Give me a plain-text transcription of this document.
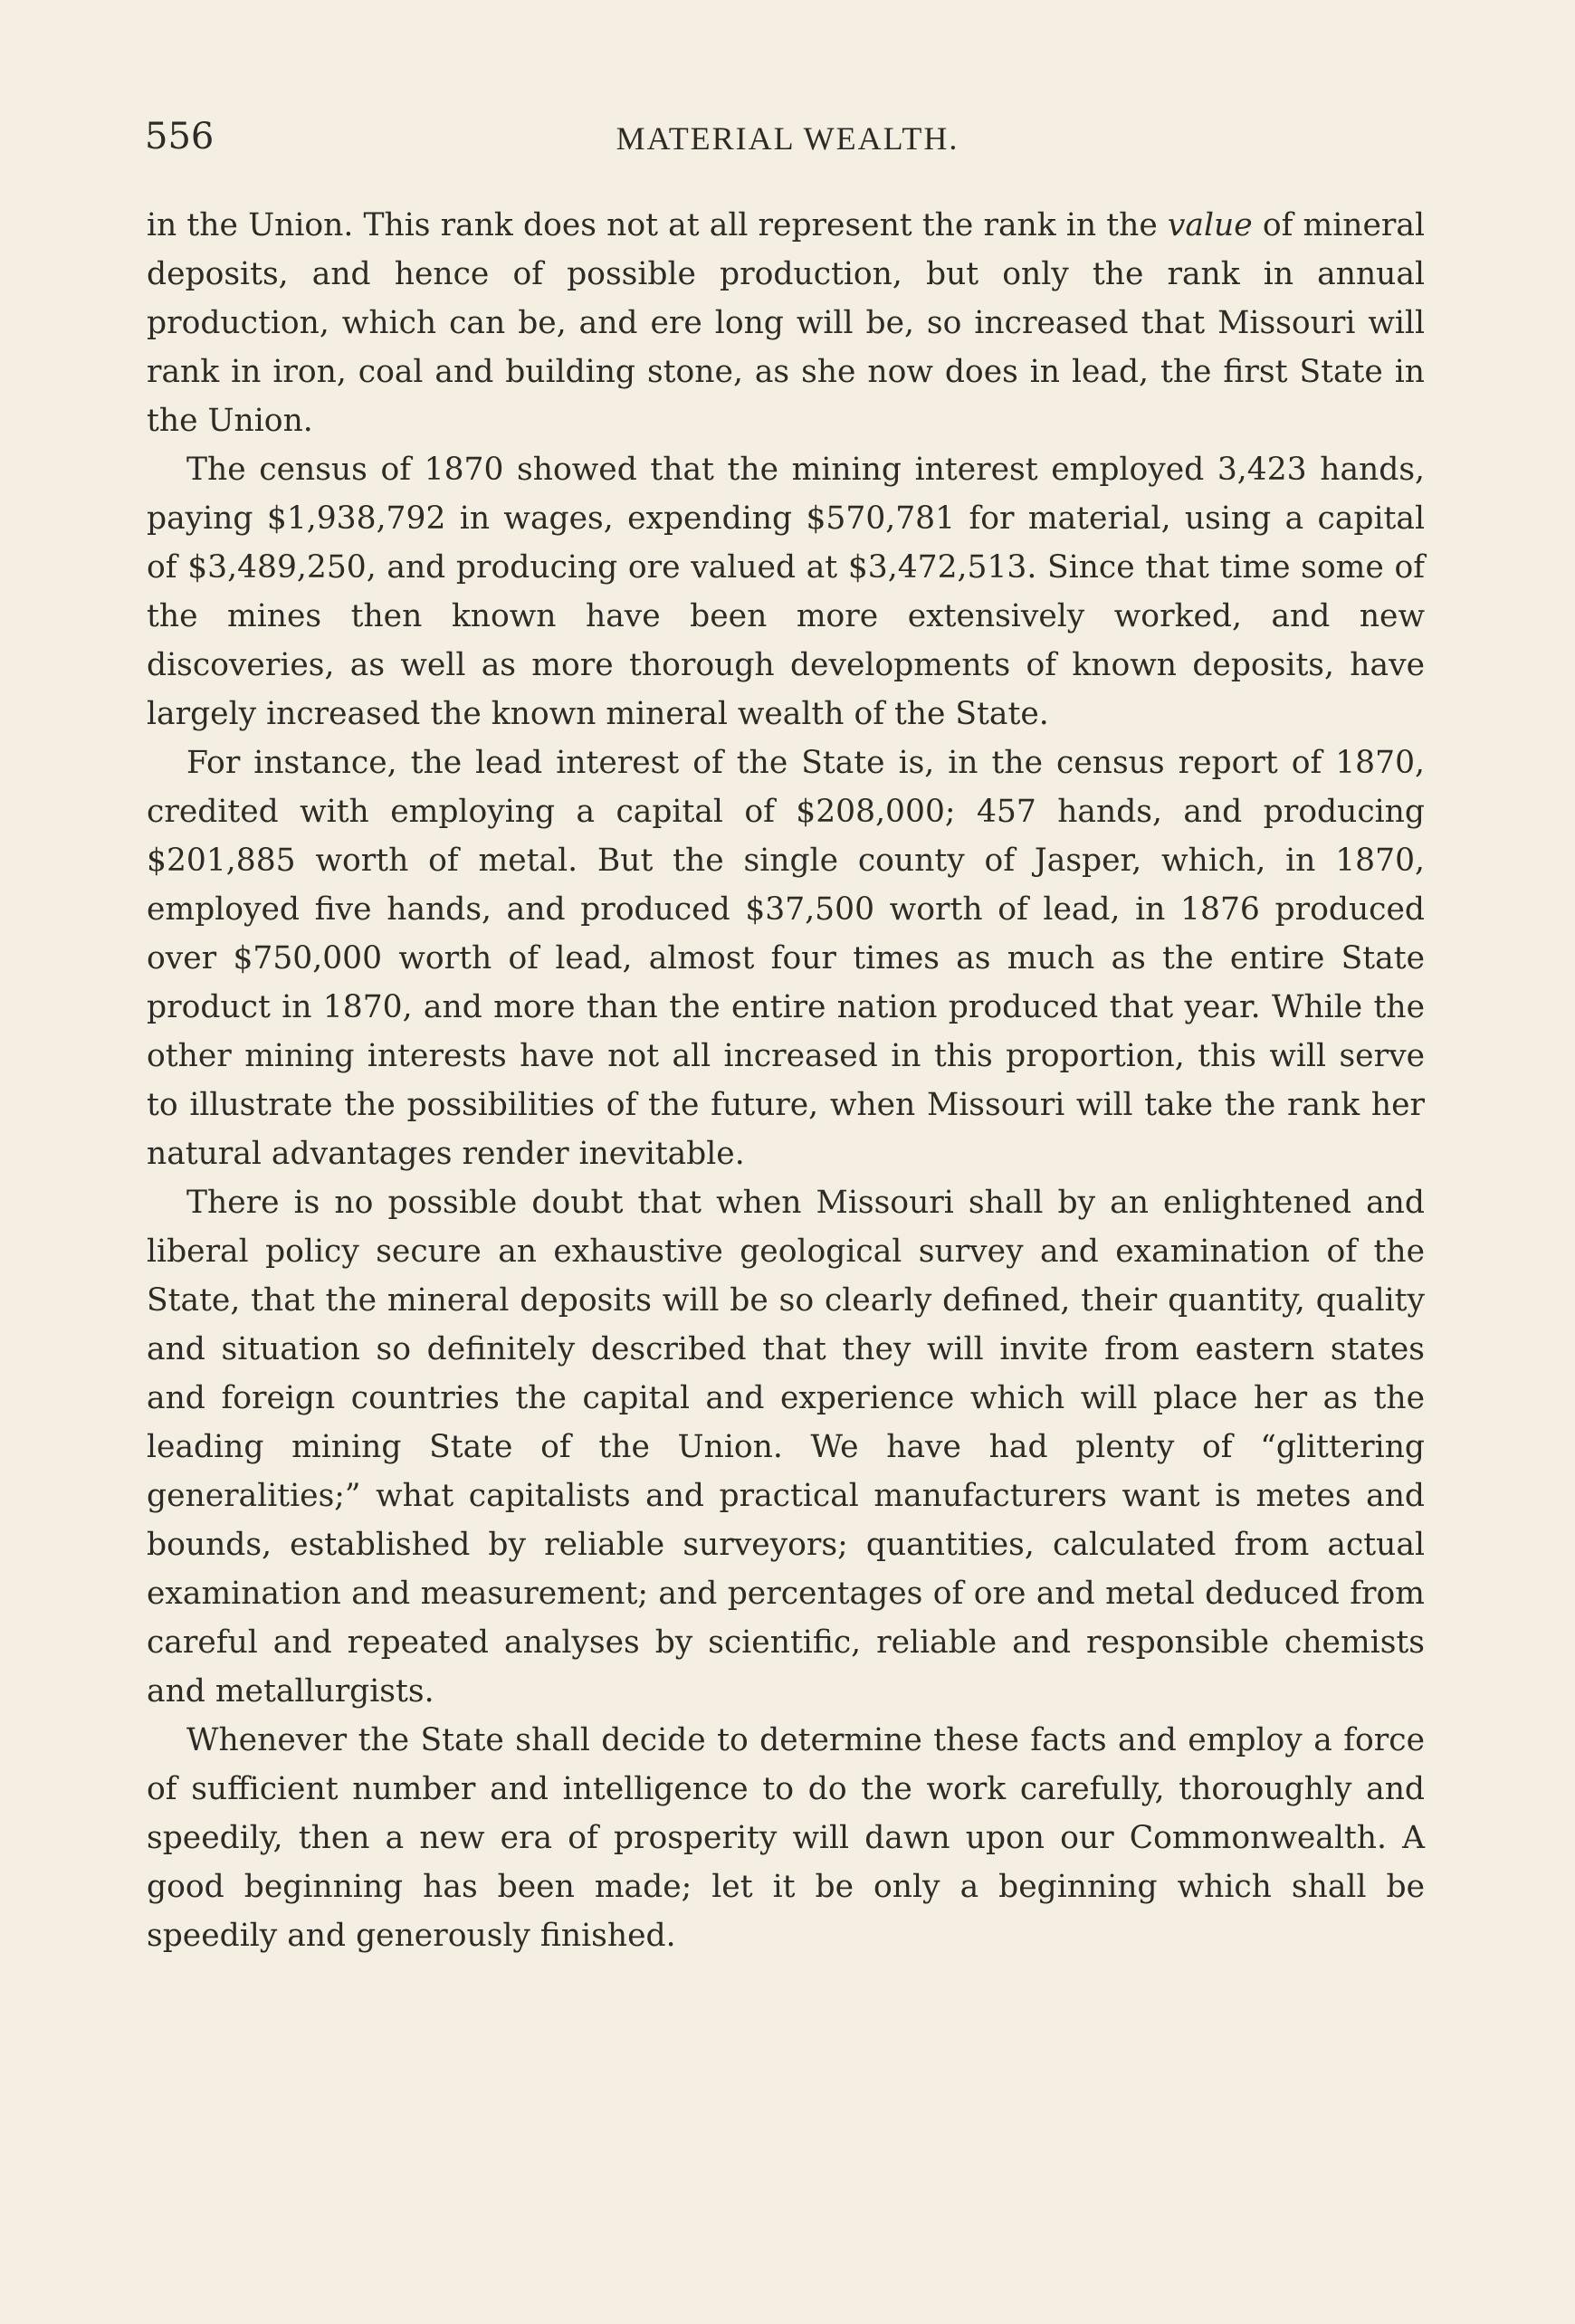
556	MATERIAL WEALTH.

in the Union. This rank does not at all represent the rank in the value of mineral deposits, and hence of possible production, but only the rank in annual production, which can be, and ere long will be, so increased that Missouri will rank in iron, coal and building stone, as she now does in lead, the first State in the Union.

The census of 1870 showed that the mining interest employed 3,423 hands, paying $1,938,792 in wages, expending $570,781 for material, using a capital of $3,489,250, and producing ore valued at $3,472,513. Since that time some of the mines then known have been more extensively worked, and new discoveries, as well as more thorough developments of known deposits, have largely increased the known mineral wealth of the State.

For instance, the lead interest of the State is, in the census report of 1870, credited with employing a capital of $208,000; 457 hands, and producing $201,885 worth of metal. But the single county of Jasper, which, in 1870, employed five hands, and produced $37,500 worth of lead, in 1876 produced over $750,000 worth of lead, almost four times as much as the entire State product in 1870, and more than the entire nation produced that year. While the other mining interests have not all increased in this proportion, this will serve to illustrate the possibilities of the future, when Missouri will take the rank her natural advantages render inevitable.

There is no possible doubt that when Missouri shall by an enlightened and liberal policy secure an exhaustive geological survey and examination of the State, that the mineral deposits will be so clearly defined, their quantity, quality and situation so definitely described that they will invite from eastern states and foreign countries the capital and experience which will place her as the leading mining State of the Union. We have had plenty of “glittering generalities;” what capitalists and practical manufacturers want is metes and bounds, established by reliable surveyors; quantities, calculated from actual examination and measurement; and percentages of ore and metal deduced from careful and repeated analyses by scientific, reliable and responsible chemists and metallurgists.

Whenever the State shall decide to determine these facts and employ a force of sufficient number and intelligence to do the work carefully, thoroughly and speedily, then a new era of prosperity will dawn upon our Commonwealth. A good beginning has been made; let it be only a beginning which shall be speedily and generously finished.
